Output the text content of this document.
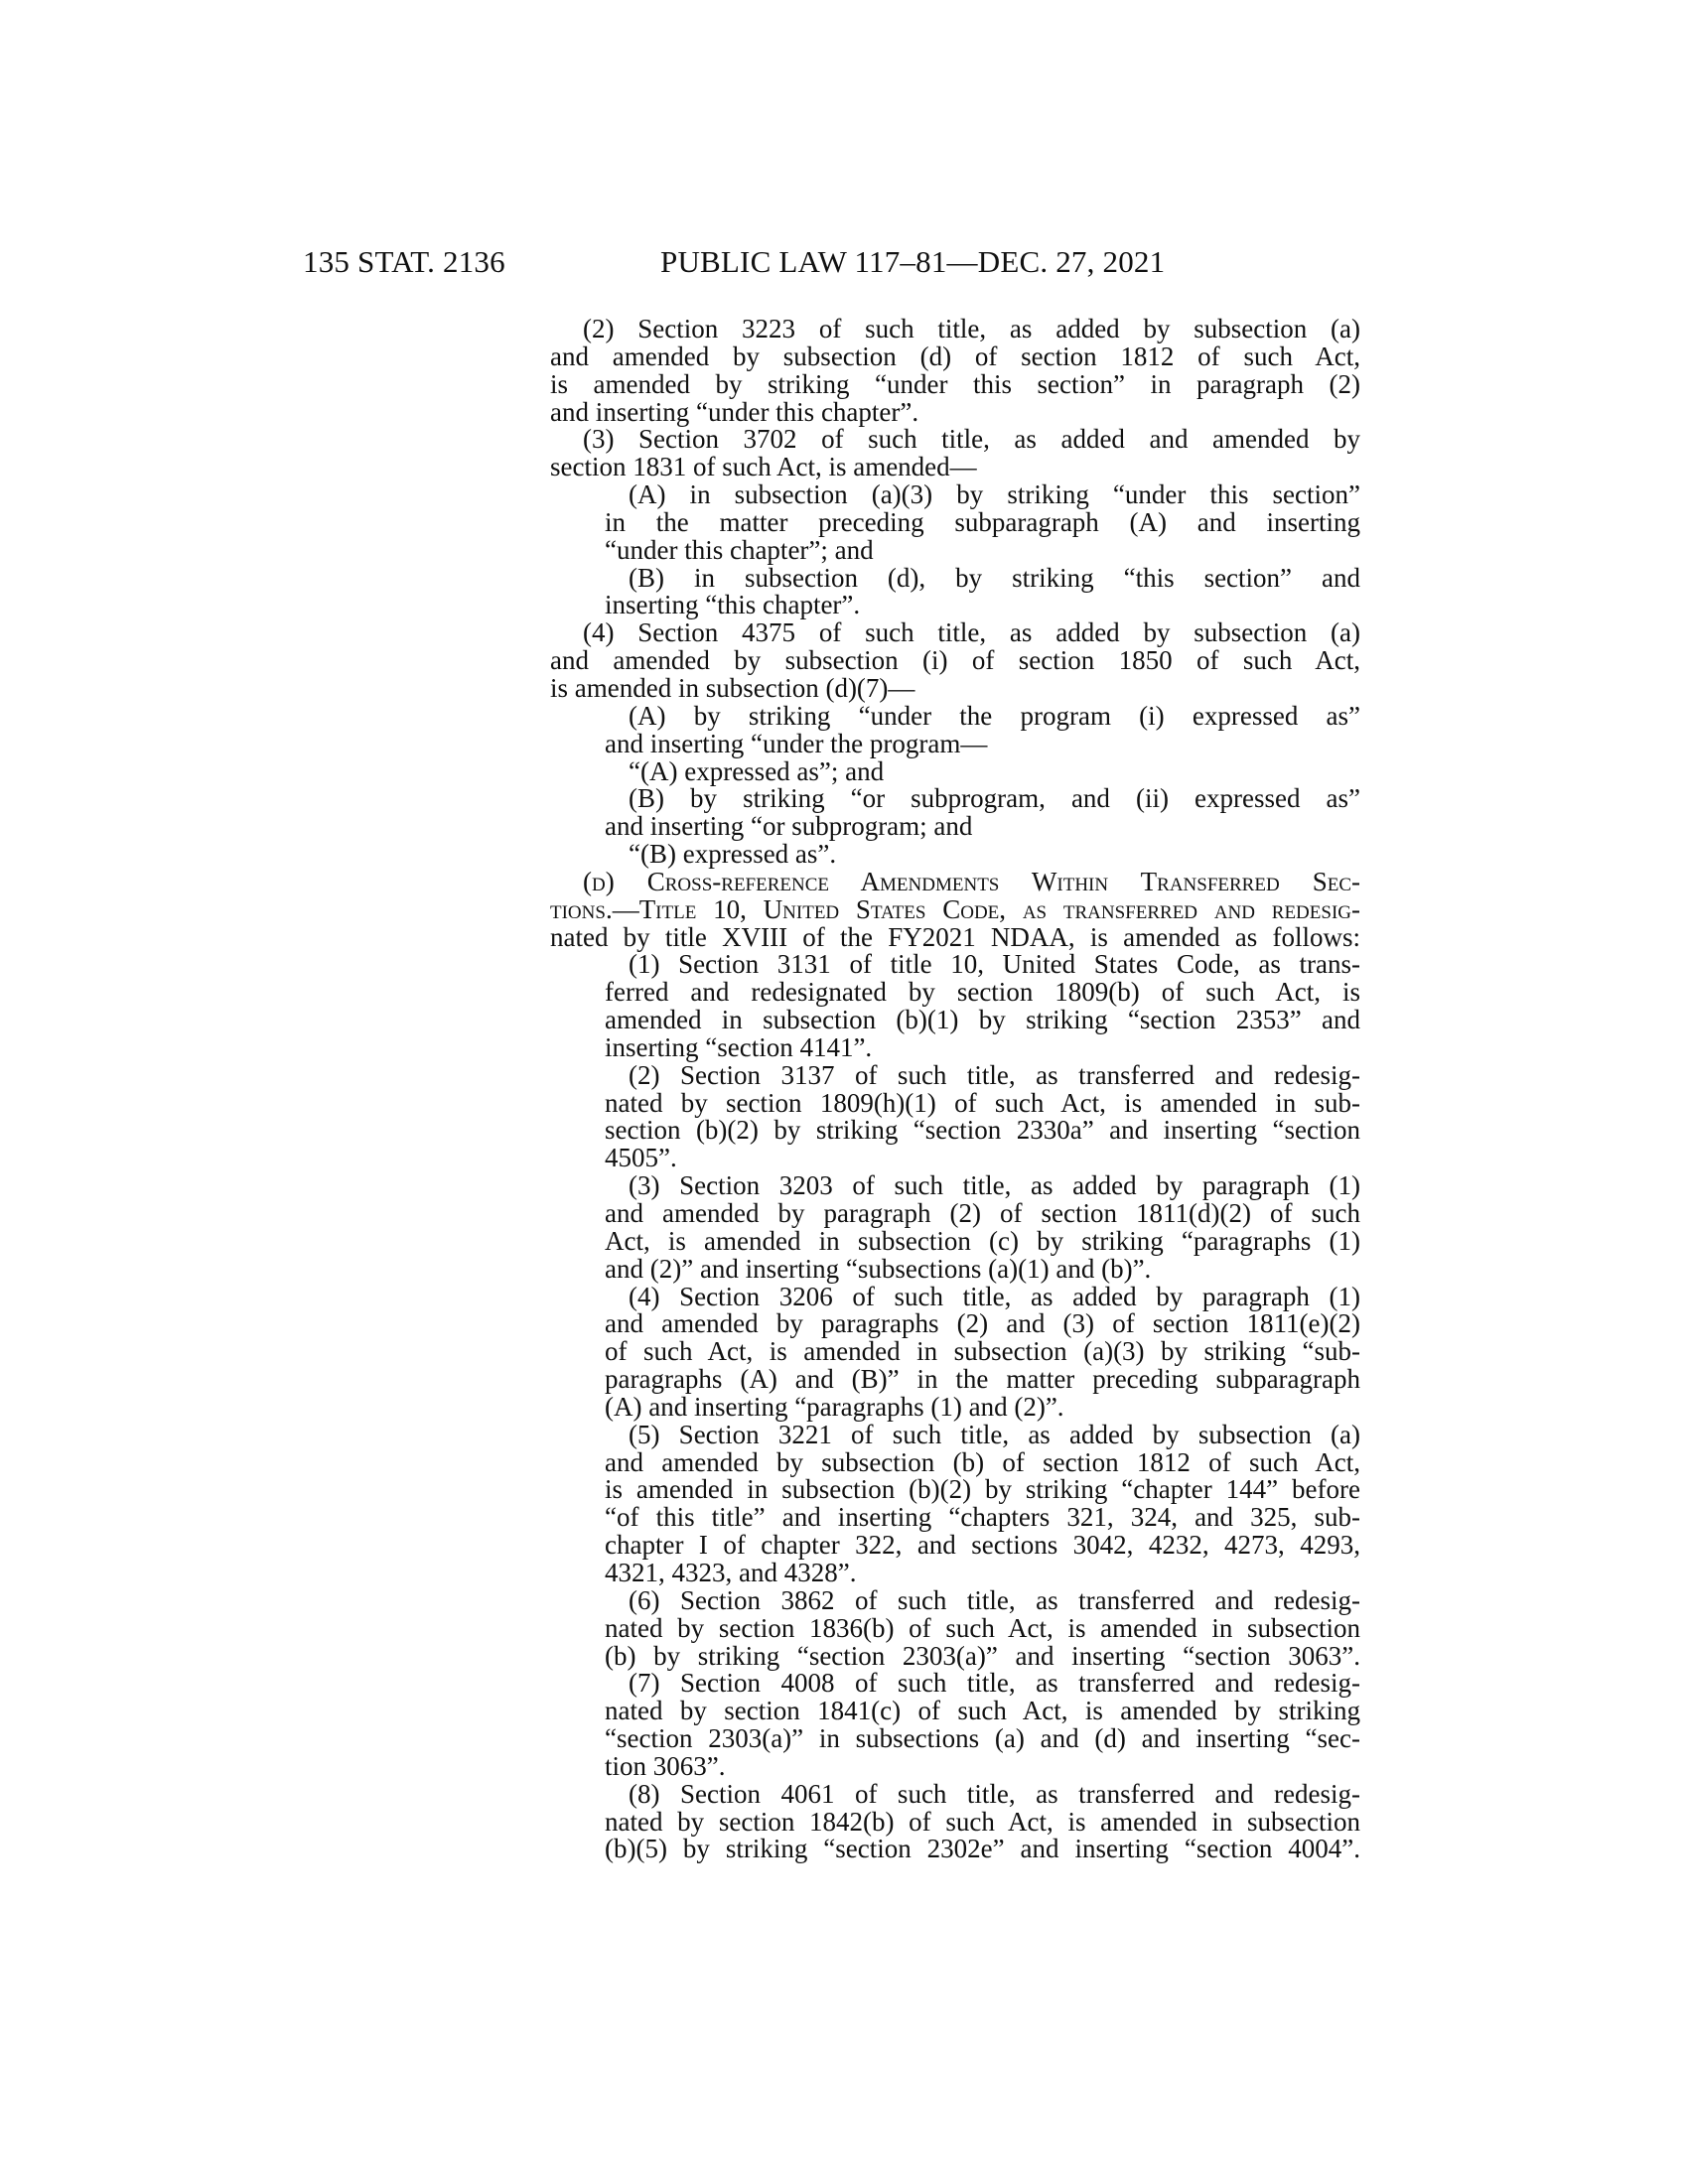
135 STAT. 2136	PUBLIC LAW 117–81—DEC. 27, 2021
(2) Section 3223 of such title, as added by subsection (a)
and amended by subsection (d) of section 1812 of such Act,
is amended by striking “under this section” in paragraph (2)
and inserting “under this chapter”.
(3) Section 3702 of such title, as added and amended by
section 1831 of such Act, is amended—
(A) in subsection (a)(3) by striking “under this section”
in the matter preceding subparagraph (A) and inserting
“under this chapter”; and
(B) in subsection (d), by striking “this section” and
inserting “this chapter”.
(4) Section 4375 of such title, as added by subsection (a)
and amended by subsection (i) of section 1850 of such Act,
is amended in subsection (d)(7)—
(A) by striking “under the program (i) expressed as”
and inserting “under the program—
“(A) expressed as”; and
(B) by striking “or subprogram, and (ii) expressed as”
and inserting “or subprogram; and
“(B) expressed as”.
(d) Cross-reference Amendments Within Transferred Sec-
tions.—Title 10, United States Code, as transferred and redesig-
nated by title XVIII of the FY2021 NDAA, is amended as follows:
(1) Section 3131 of title 10, United States Code, as trans-
ferred and redesignated by section 1809(b) of such Act, is
amended in subsection (b)(1) by striking “section 2353” and
inserting “section 4141”.
(2) Section 3137 of such title, as transferred and redesig-
nated by section 1809(h)(1) of such Act, is amended in sub-
section (b)(2) by striking “section 2330a” and inserting “section
4505”.
(3) Section 3203 of such title, as added by paragraph (1)
and amended by paragraph (2) of section 1811(d)(2) of such
Act, is amended in subsection (c) by striking “paragraphs (1)
and (2)” and inserting “subsections (a)(1) and (b)”.
(4) Section 3206 of such title, as added by paragraph (1)
and amended by paragraphs (2) and (3) of section 1811(e)(2)
of such Act, is amended in subsection (a)(3) by striking “sub-
paragraphs (A) and (B)” in the matter preceding subparagraph
(A) and inserting “paragraphs (1) and (2)”.
(5) Section 3221 of such title, as added by subsection (a)
and amended by subsection (b) of section 1812 of such Act,
is amended in subsection (b)(2) by striking “chapter 144” before
“of this title” and inserting “chapters 321, 324, and 325, sub-
chapter I of chapter 322, and sections 3042, 4232, 4273, 4293,
4321, 4323, and 4328”.
(6) Section 3862 of such title, as transferred and redesig-
nated by section 1836(b) of such Act, is amended in subsection
(b) by striking “section 2303(a)” and inserting “section 3063”.
(7) Section 4008 of such title, as transferred and redesig-
nated by section 1841(c) of such Act, is amended by striking
“section 2303(a)” in subsections (a) and (d) and inserting “sec-
tion 3063”.
(8) Section 4061 of such title, as transferred and redesig-
nated by section 1842(b) of such Act, is amended in subsection
(b)(5) by striking “section 2302e” and inserting “section 4004”.
